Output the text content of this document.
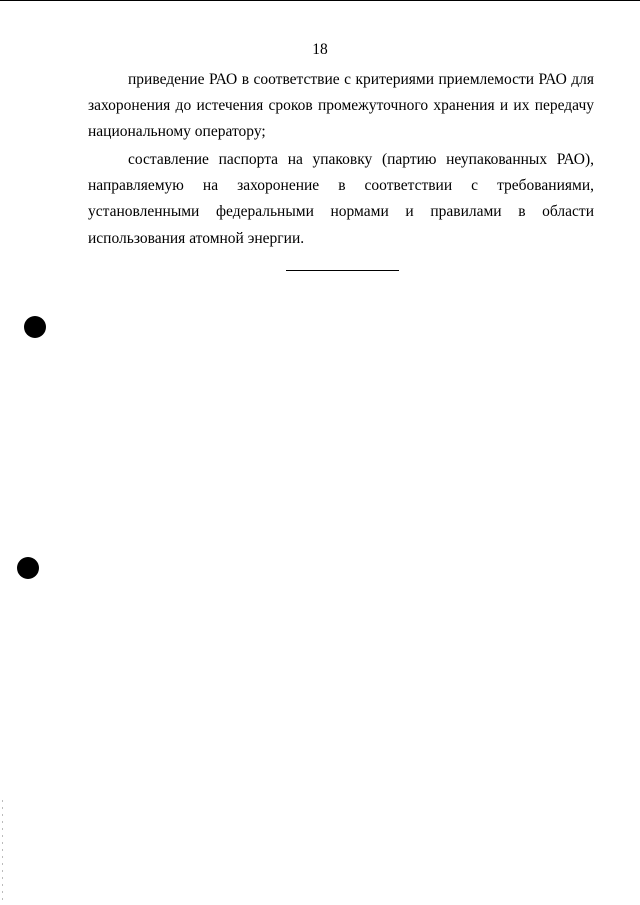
18
приведение РАО в соответствие с критериями приемлемости РАО для
захоронения до истечения сроков промежуточного хранения и их передачу
национальному оператору;
составление паспорта на упаковку (партию неупакованных РАО),
направляемую на захоронение в соответствии с требованиями,
установленными федеральными нормами и правилами в области
использования атомной энергии.
